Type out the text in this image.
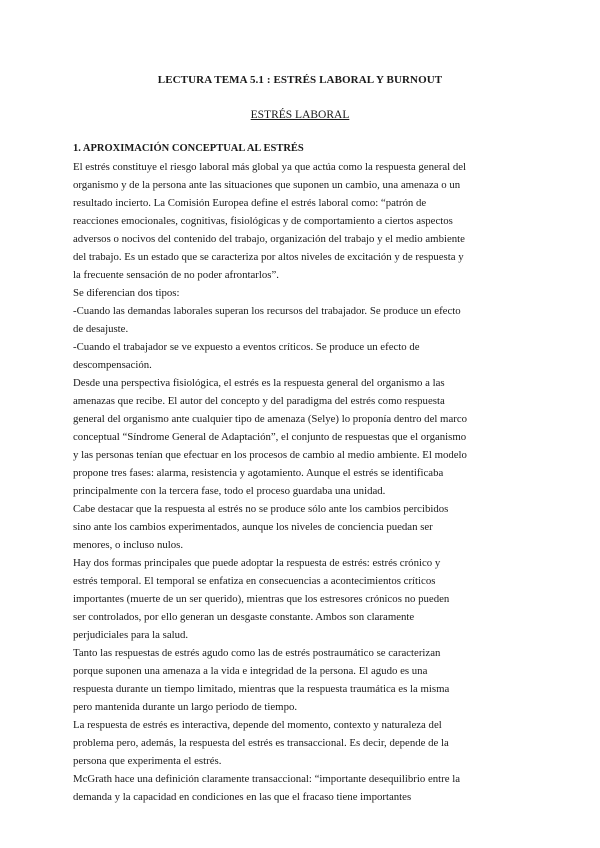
LECTURA TEMA 5.1 : ESTRÉS LABORAL Y BURNOUT
ESTRÉS LABORAL
1. APROXIMACIÓN CONCEPTUAL AL ESTRÉS
El estrés constituye el riesgo laboral más global ya que actúa como la respuesta general del
organismo y de la persona ante las situaciones que suponen un cambio, una amenaza o un
resultado incierto. La Comisión Europea define el estrés laboral como: “patrón de
reacciones emocionales, cognitivas, fisiológicas y de comportamiento a ciertos aspectos
adversos o nocivos del contenido del trabajo, organización del trabajo y el medio ambiente
del trabajo. Es un estado que se caracteriza por altos niveles de excitación y de respuesta y
la frecuente sensación de no poder afrontarlos”.
Se diferencian dos tipos:
-Cuando las demandas laborales superan los recursos del trabajador. Se produce un efecto
de desajuste.
-Cuando el trabajador se ve expuesto a eventos críticos. Se produce un efecto de
descompensación.
Desde una perspectiva fisiológica, el estrés es la respuesta general del organismo a las
amenazas que recibe. El autor del concepto y del paradigma del estrés como respuesta
general del organismo ante cualquier tipo de amenaza (Selye) lo proponía dentro del marco
conceptual “Síndrome General de Adaptación”, el conjunto de respuestas que el organismo
y las personas tenían que efectuar en los procesos de cambio al medio ambiente. El modelo
propone tres fases: alarma, resistencia y agotamiento. Aunque el estrés se identificaba
principalmente con la tercera fase, todo el proceso guardaba una unidad.
Cabe destacar que la respuesta al estrés no se produce sólo ante los cambios percibidos
sino ante los cambios experimentados, aunque los niveles de conciencia puedan ser
menores, o incluso nulos.
Hay dos formas principales que puede adoptar la respuesta de estrés: estrés crónico y
estrés temporal. El temporal se enfatiza en consecuencias a acontecimientos críticos
importantes (muerte de un ser querido), mientras que los estresores crónicos no pueden
ser controlados, por ello generan un desgaste constante. Ambos son claramente
perjudiciales para la salud.
Tanto las respuestas de estrés agudo como las de estrés postraumático se caracterizan
porque suponen una amenaza a la vida e integridad de la persona. El agudo es una
respuesta durante un tiempo limitado, mientras que la respuesta traumática es la misma
pero mantenida durante un largo periodo de tiempo.
La respuesta de estrés es interactiva, depende del momento, contexto y naturaleza del
problema pero, además, la respuesta del estrés es transaccional. Es decir, depende de la
persona que experimenta el estrés.
McGrath hace una definición claramente transaccional: “importante desequilibrio entre la
demanda y la capacidad en condiciones en las que el fracaso tiene importantes
